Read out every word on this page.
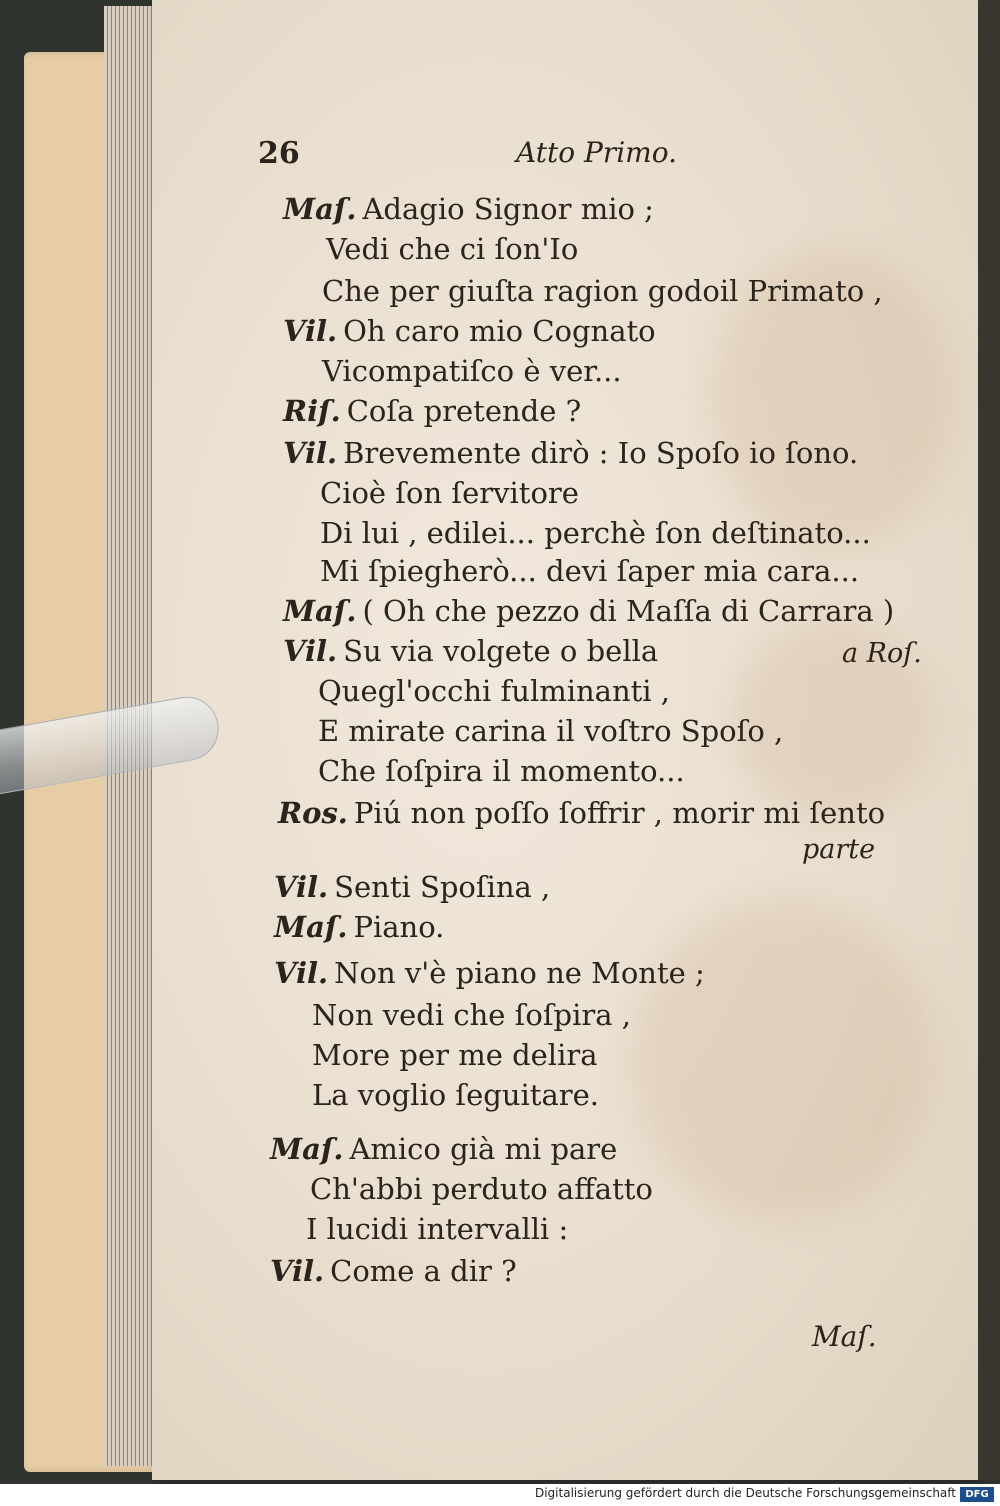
26	Atto Primo.
Maſ. Adagio Signor mio ;
Vedi che ci ſon'Io
Che per giuſta ragion godoil Primato ,
Vil. Oh caro mio Cognato
Vicompatiſco è ver...
Riſ. Coſa pretende ?
Vil. Brevemente dirò : Io Spoſo io ſono.
Cioè ſon ſervitore
Di lui , edilei... perchè ſon deſtinato...
Mi ſpiegherò... devi ſaper mia cara...
Maſ. ( Oh che pezzo di Maſſa di Carrara )
Vil. Su via volgete o bella	a Roſ.
Quegl'occhi fulminanti ,
E mirate carina il voſtro Spoſo ,
Che ſoſpira il momento...
Ros. Piú non poſſo ſoffrir , morir mi ſento
parte
Vil. Senti Spoſina ,
Maſ. Piano.
Vil. Non v'è piano ne Monte ;
Non vedi che ſoſpira ,
More per me delira
La voglio ſeguitare.
Maſ. Amico già mi pare
Ch'abbi perduto affatto
I lucidi intervalli :
Vil. Come a dir ?
Maſ.
Digitalisierung gefördert durch die Deutsche Forschungsgemeinschaft DFG
